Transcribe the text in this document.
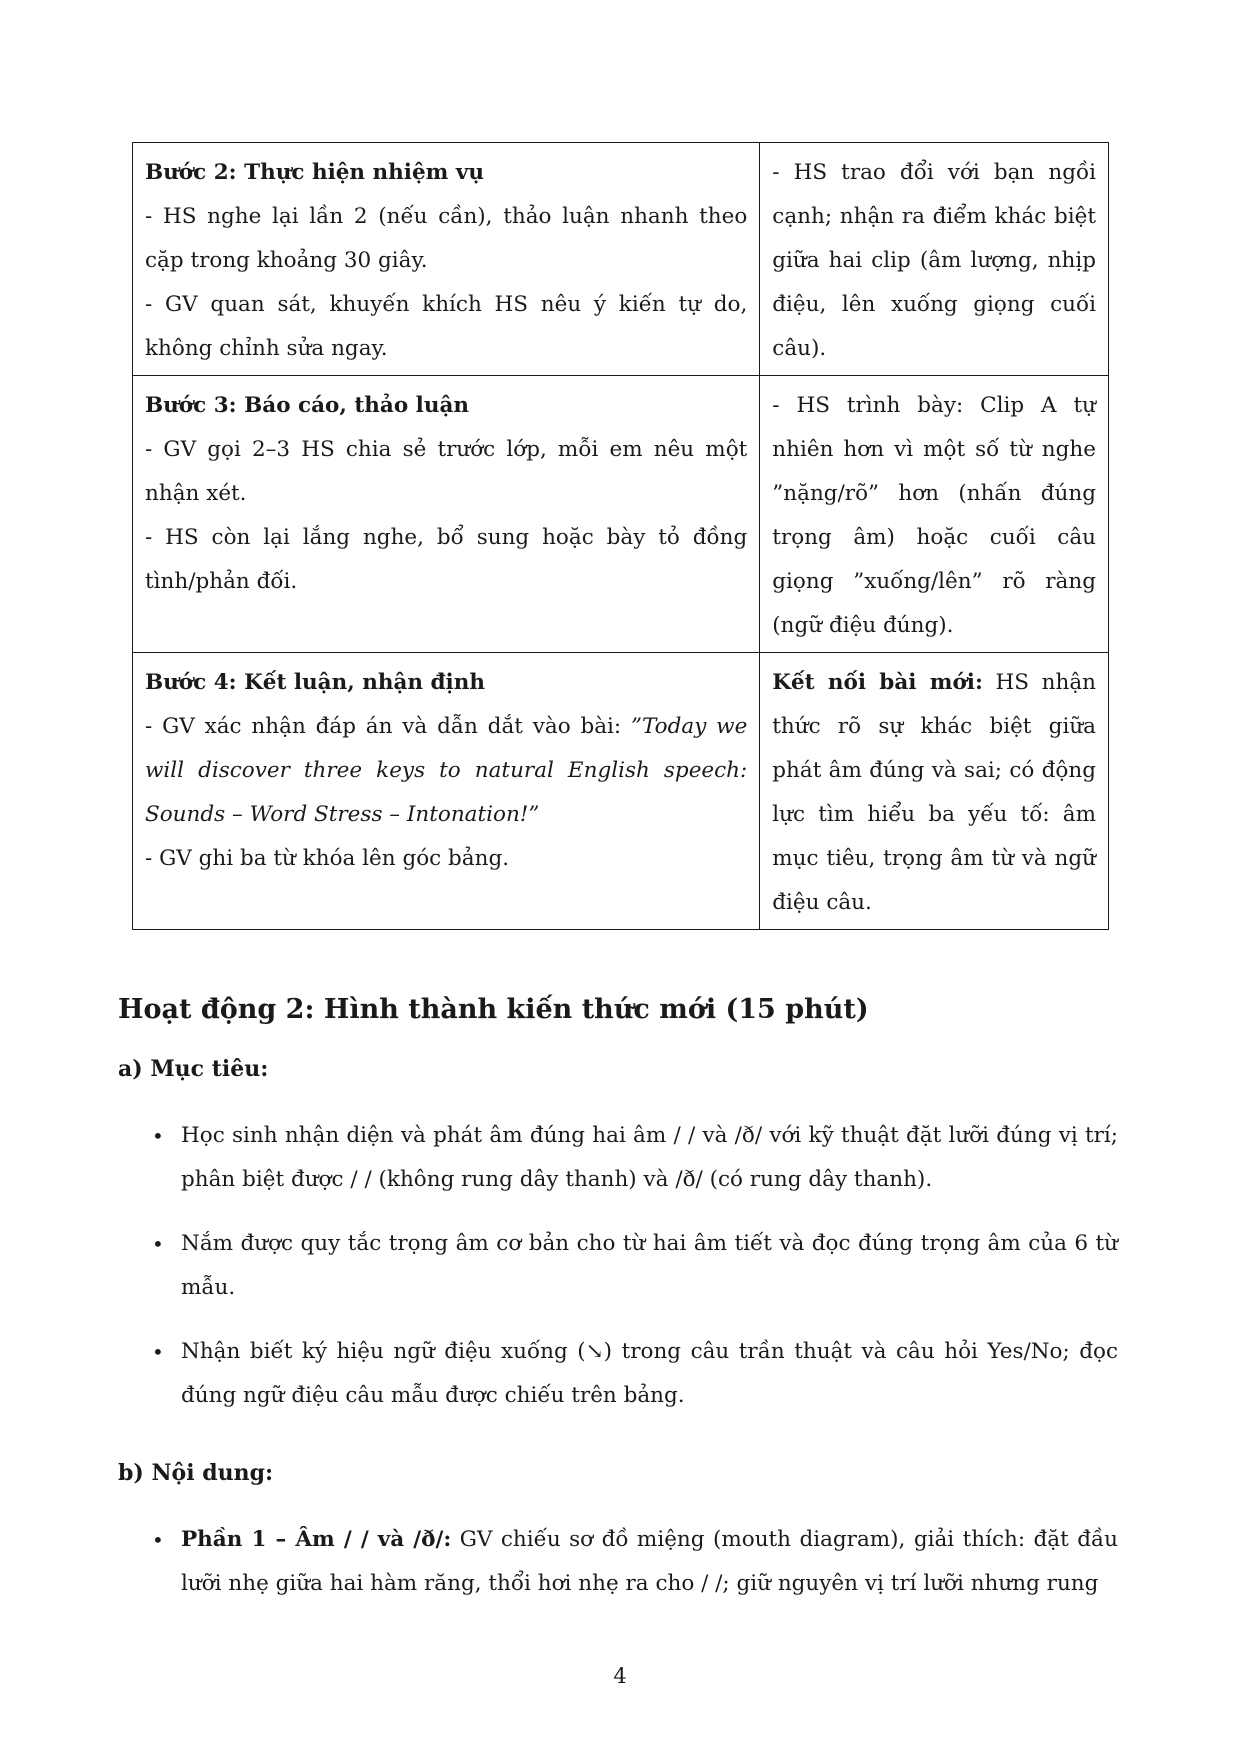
Bước 2: Thực hiện nhiệm vụ
- HS nghe lại lần 2 (nếu cần), thảo luận nhanh theo cặp trong khoảng 30 giây.
- GV quan sát, khuyến khích HS nêu ý kiến tự do, không chỉnh sửa ngay.	- HS trao đổi với bạn ngồi cạnh; nhận ra điểm khác biệt giữa hai clip (âm lượng, nhịp điệu, lên xuống giọng cuối câu).

Bước 3: Báo cáo, thảo luận
- GV gọi 2–3 HS chia sẻ trước lớp, mỗi em nêu một nhận xét.
- HS còn lại lắng nghe, bổ sung hoặc bày tỏ đồng tình/phản đối.	- HS trình bày: Clip A tự nhiên hơn vì một số từ nghe ”nặng/rõ” hơn (nhấn đúng trọng âm) hoặc cuối câu giọng ”xuống/lên” rõ ràng (ngữ điệu đúng).

Bước 4: Kết luận, nhận định
- GV xác nhận đáp án và dẫn dắt vào bài: ”Today we will discover three keys to natural English speech: Sounds – Word Stress – Intonation!”
- GV ghi ba từ khóa lên góc bảng.	Kết nối bài mới: HS nhận thức rõ sự khác biệt giữa phát âm đúng và sai; có động lực tìm hiểu ba yếu tố: âm mục tiêu, trọng âm từ và ngữ điệu câu.
Hoạt động 2: Hình thành kiến thức mới (15 phút)
a) Mục tiêu:
• Học sinh nhận diện và phát âm đúng hai âm / / và /ð/ với kỹ thuật đặt lưỡi đúng vị trí; phân biệt được / / (không rung dây thanh) và /ð/ (có rung dây thanh).
• Nắm được quy tắc trọng âm cơ bản cho từ hai âm tiết và đọc đúng trọng âm của 6 từ mẫu.
• Nhận biết ký hiệu ngữ điệu xuống (↘) trong câu trần thuật và câu hỏi Yes/No; đọc đúng ngữ điệu câu mẫu được chiếu trên bảng.
b) Nội dung:
• Phần 1 – Âm / / và /ð/: GV chiếu sơ đồ miệng (mouth diagram), giải thích: đặt đầu lưỡi nhẹ giữa hai hàm răng, thổi hơi nhẹ ra cho / /; giữ nguyên vị trí lưỡi nhưng rung
4
